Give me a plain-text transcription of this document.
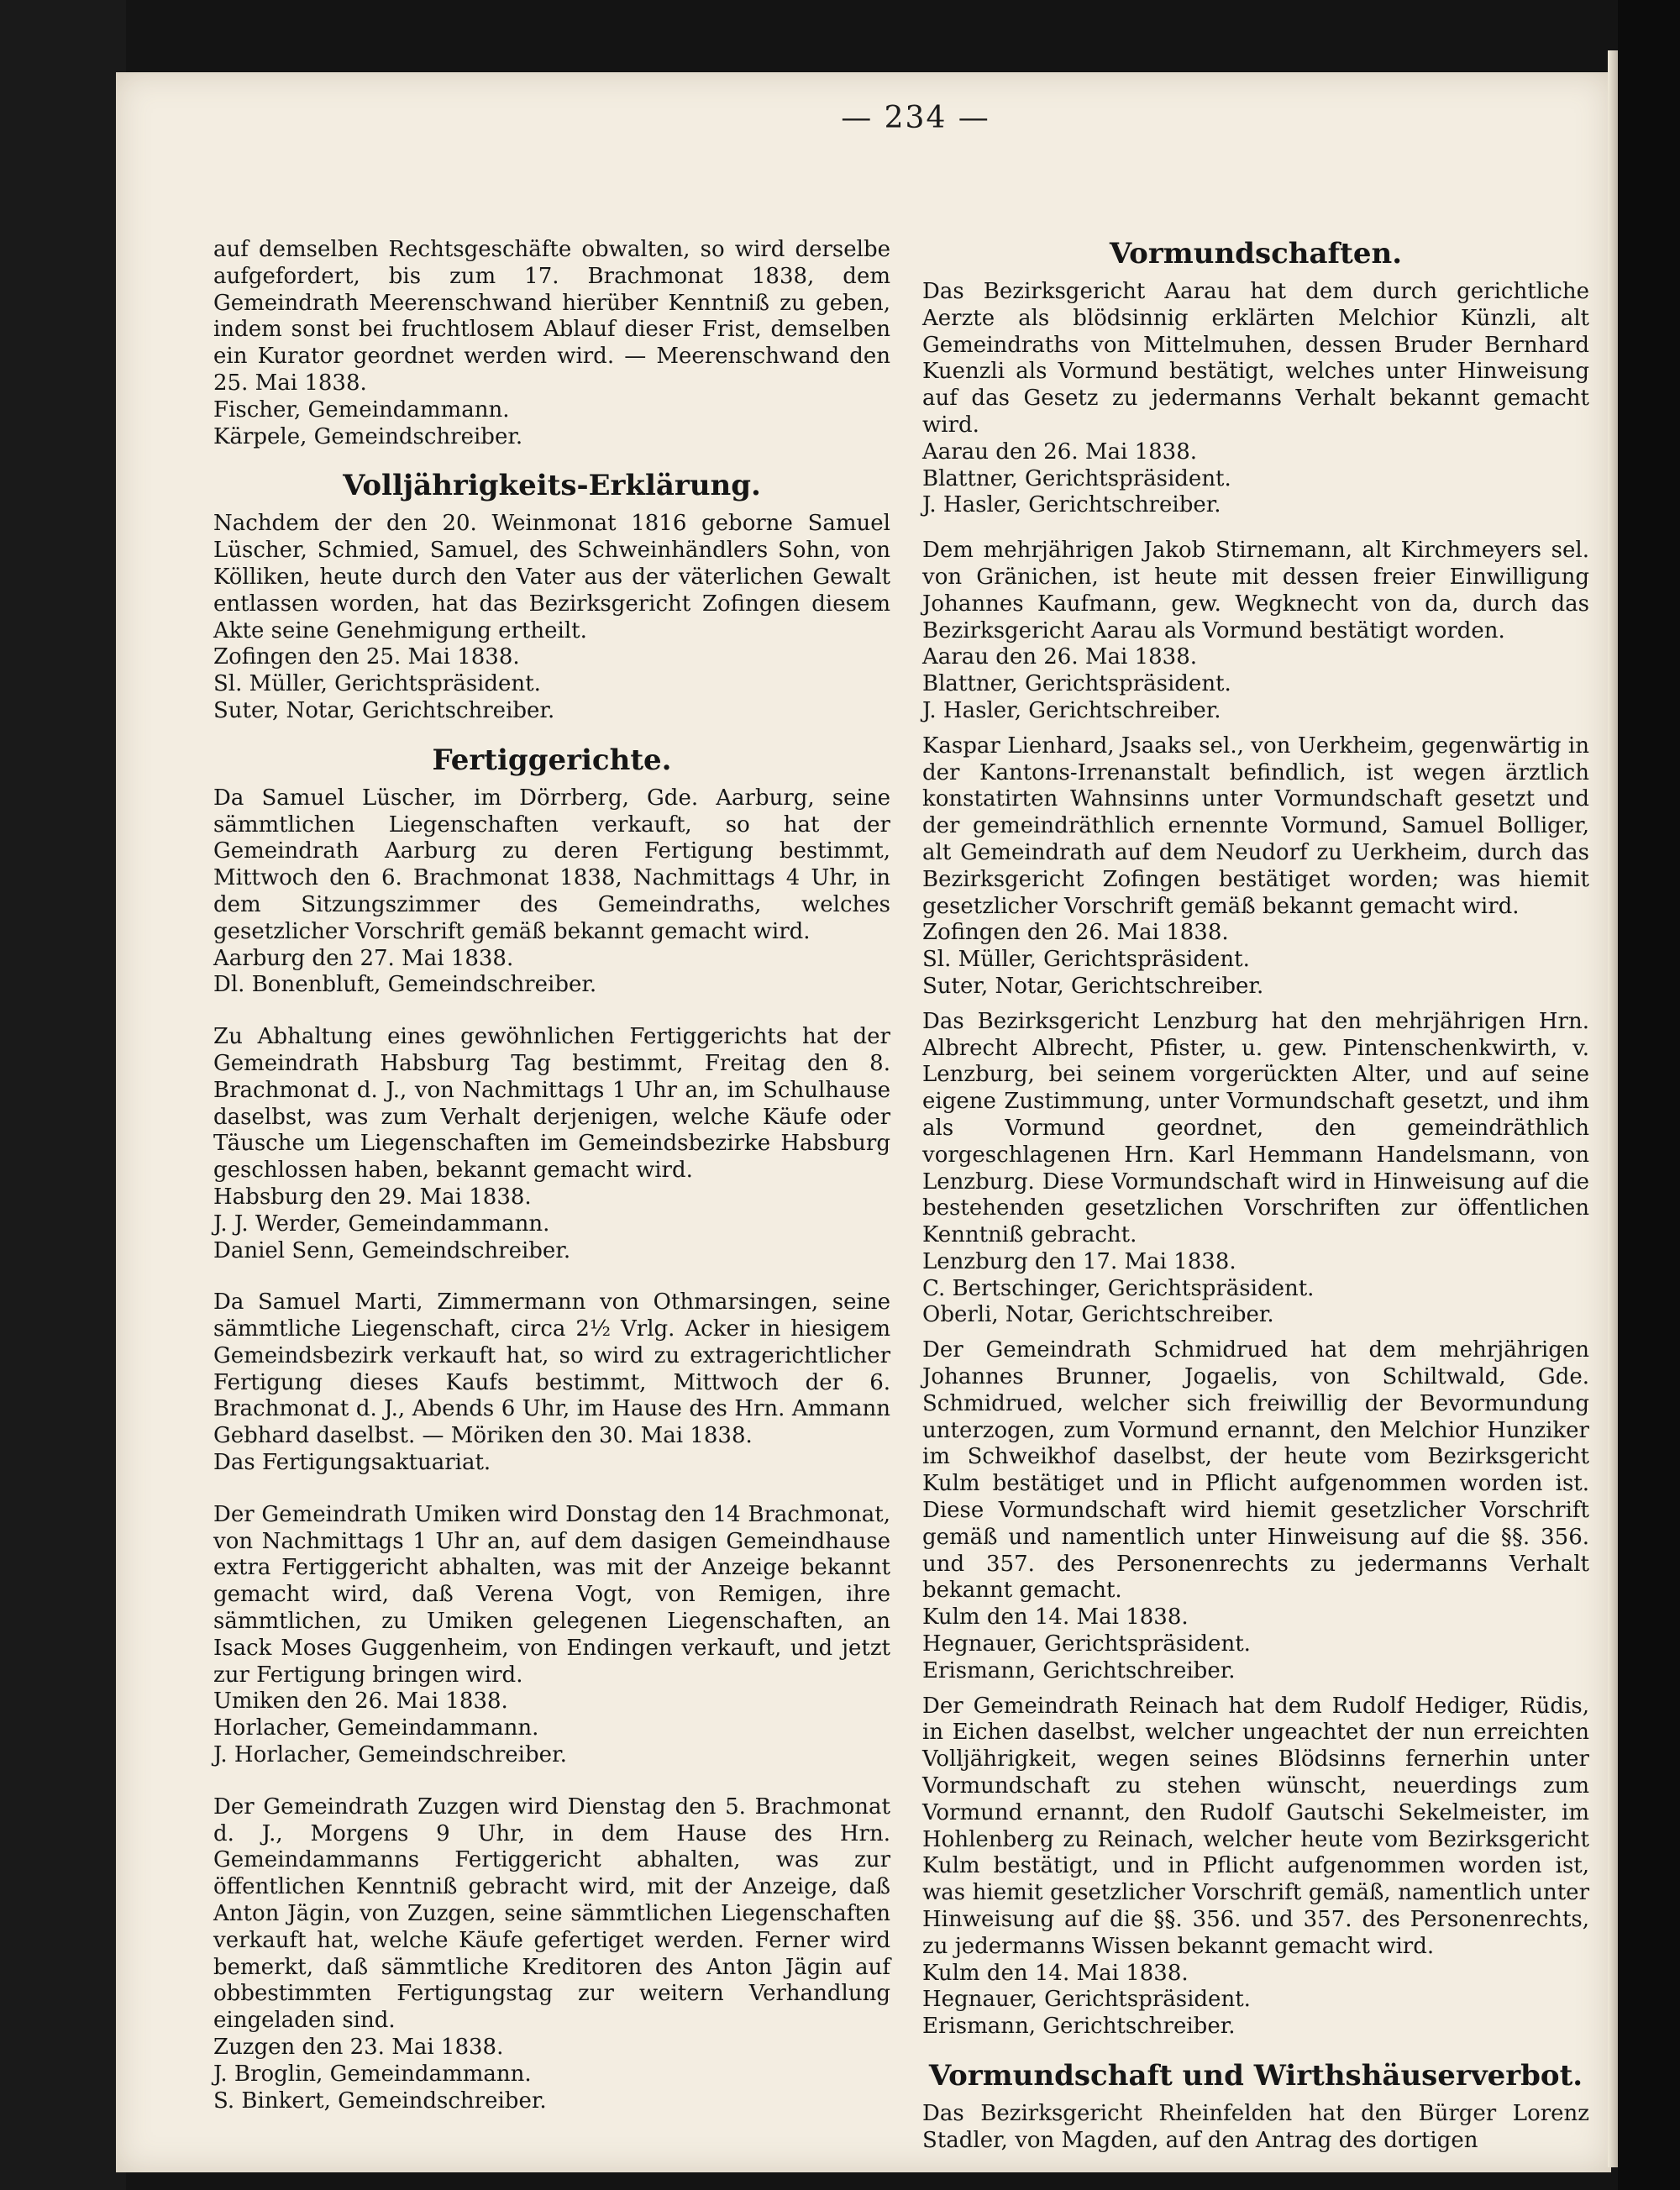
— 234 —

auf demselben Rechtsgeschäfte obwalten, so wird derselbe aufgefordert, bis zum 17. Brachmonat 1838, dem Gemeindrath Meerenschwand hierüber Kenntniß zu geben, indem sonst bei fruchtlosem Ablauf dieser Frist, demselben ein Kurator geordnet werden wird. — Meerenschwand den 25. Mai 1838.

Fischer, Gemeindammann.

Kärpele, Gemeindschreiber.

Volljährigkeits-Erklärung.

Nachdem der den 20. Weinmonat 1816 geborne Samuel Lüscher, Schmied, Samuel, des Schweinhändlers Sohn, von Kölliken, heute durch den Vater aus der väterlichen Gewalt entlassen worden, hat das Bezirksgericht Zofingen diesem Akte seine Genehmigung ertheilt.

Zofingen den 25. Mai 1838.

Sl. Müller, Gerichtspräsident.

Suter, Notar, Gerichtschreiber.

Fertiggerichte.

Da Samuel Lüscher, im Dörrberg, Gde. Aarburg, seine sämmtlichen Liegenschaften verkauft, so hat der Gemeindrath Aarburg zu deren Fertigung bestimmt, Mittwoch den 6. Brachmonat 1838, Nachmittags 4 Uhr, in dem Sitzungszimmer des Gemeindraths, welches gesetzlicher Vorschrift gemäß bekannt gemacht wird.

Aarburg den 27. Mai 1838.

Dl. Bonenbluft, Gemeindschreiber.

Zu Abhaltung eines gewöhnlichen Fertiggerichts hat der Gemeindrath Habsburg Tag bestimmt, Freitag den 8. Brachmonat d. J., von Nachmittags 1 Uhr an, im Schulhause daselbst, was zum Verhalt derjenigen, welche Käufe oder Täusche um Liegenschaften im Gemeindsbezirke Habsburg geschlossen haben, bekannt gemacht wird.

Habsburg den 29. Mai 1838.

J. J. Werder, Gemeindammann.

Daniel Senn, Gemeindschreiber.

Da Samuel Marti, Zimmermann von Othmarsingen, seine sämmtliche Liegenschaft, circa 2½ Vrlg. Acker in hiesigem Gemeindsbezirk verkauft hat, so wird zu extragerichtlicher Fertigung dieses Kaufs bestimmt, Mittwoch der 6. Brachmonat d. J., Abends 6 Uhr, im Hause des Hrn. Ammann Gebhard daselbst. — Möriken den 30. Mai 1838.

Das Fertigungsaktuariat.

Der Gemeindrath Umiken wird Donstag den 14 Brachmonat, von Nachmittags 1 Uhr an, auf dem dasigen Gemeindhause extra Fertiggericht abhalten, was mit der Anzeige bekannt gemacht wird, daß Verena Vogt, von Remigen, ihre sämmtlichen, zu Umiken gelegenen Liegenschaften, an Isack Moses Guggenheim, von Endingen verkauft, und jetzt zur Fertigung bringen wird.

Umiken den 26. Mai 1838.

Horlacher, Gemeindammann.

J. Horlacher, Gemeindschreiber.

Der Gemeindrath Zuzgen wird Dienstag den 5. Brachmonat d. J., Morgens 9 Uhr, in dem Hause des Hrn. Gemeindammanns Fertiggericht abhalten, was zur öffentlichen Kenntniß gebracht wird, mit der Anzeige, daß Anton Jägin, von Zuzgen, seine sämmtlichen Liegenschaften verkauft hat, welche Käufe gefertiget werden. Ferner wird bemerkt, daß sämmtliche Kreditoren des Anton Jägin auf obbestimmten Fertigungstag zur weitern Verhandlung eingeladen sind.

Zuzgen den 23. Mai 1838.

J. Broglin, Gemeindammann.

S. Binkert, Gemeindschreiber.

Vormundschaften.

Das Bezirksgericht Aarau hat dem durch gerichtliche Aerzte als blödsinnig erklärten Melchior Künzli, alt Gemeindraths von Mittelmuhen, dessen Bruder Bernhard Kuenzli als Vormund bestätigt, welches unter Hinweisung auf das Gesetz zu jedermanns Verhalt bekannt gemacht wird.

Aarau den 26. Mai 1838.

Blattner, Gerichtspräsident.

J. Hasler, Gerichtschreiber.

Dem mehrjährigen Jakob Stirnemann, alt Kirchmeyers sel. von Gränichen, ist heute mit dessen freier Einwilligung Johannes Kaufmann, gew. Wegknecht von da, durch das Bezirksgericht Aarau als Vormund bestätigt worden.

Aarau den 26. Mai 1838.

Blattner, Gerichtspräsident.

J. Hasler, Gerichtschreiber.

Kaspar Lienhard, Jsaaks sel., von Uerkheim, gegenwärtig in der Kantons-Irrenanstalt befindlich, ist wegen ärztlich konstatirten Wahnsinns unter Vormundschaft gesetzt und der gemeindräthlich ernennte Vormund, Samuel Bolliger, alt Gemeindrath auf dem Neudorf zu Uerkheim, durch das Bezirksgericht Zofingen bestätiget worden; was hiemit gesetzlicher Vorschrift gemäß bekannt gemacht wird.

Zofingen den 26. Mai 1838.

Sl. Müller, Gerichtspräsident.

Suter, Notar, Gerichtschreiber.

Das Bezirksgericht Lenzburg hat den mehrjährigen Hrn. Albrecht Albrecht, Pfister, u. gew. Pintenschenkwirth, v. Lenzburg, bei seinem vorgerückten Alter, und auf seine eigene Zustimmung, unter Vormundschaft gesetzt, und ihm als Vormund geordnet, den gemeindräthlich vorgeschlagenen Hrn. Karl Hemmann Handelsmann, von Lenzburg. Diese Vormundschaft wird in Hinweisung auf die bestehenden gesetzlichen Vorschriften zur öffentlichen Kenntniß gebracht.

Lenzburg den 17. Mai 1838.

C. Bertschinger, Gerichtspräsident.

Oberli, Notar, Gerichtschreiber.

Der Gemeindrath Schmidrued hat dem mehrjährigen Johannes Brunner, Jogaelis, von Schiltwald, Gde. Schmidrued, welcher sich freiwillig der Bevormundung unterzogen, zum Vormund ernannt, den Melchior Hunziker im Schweikhof daselbst, der heute vom Bezirksgericht Kulm bestätiget und in Pflicht aufgenommen worden ist. Diese Vormundschaft wird hiemit gesetzlicher Vorschrift gemäß und namentlich unter Hinweisung auf die §§. 356. und 357. des Personenrechts zu jedermanns Verhalt bekannt gemacht.

Kulm den 14. Mai 1838.

Hegnauer, Gerichtspräsident.

Erismann, Gerichtschreiber.

Der Gemeindrath Reinach hat dem Rudolf Hediger, Rüdis, in Eichen daselbst, welcher ungeachtet der nun erreichten Volljährigkeit, wegen seines Blödsinns fernerhin unter Vormundschaft zu stehen wünscht, neuerdings zum Vormund ernannt, den Rudolf Gautschi Sekelmeister, im Hohlenberg zu Reinach, welcher heute vom Bezirksgericht Kulm bestätigt, und in Pflicht aufgenommen worden ist, was hiemit gesetzlicher Vorschrift gemäß, namentlich unter Hinweisung auf die §§. 356. und 357. des Personenrechts, zu jedermanns Wissen bekannt gemacht wird.

Kulm den 14. Mai 1838.

Hegnauer, Gerichtspräsident.

Erismann, Gerichtschreiber.

Vormundschaft und Wirthshäuserverbot.

Das Bezirksgericht Rheinfelden hat den Bürger Lorenz Stadler, von Magden, auf den Antrag des dortigen
